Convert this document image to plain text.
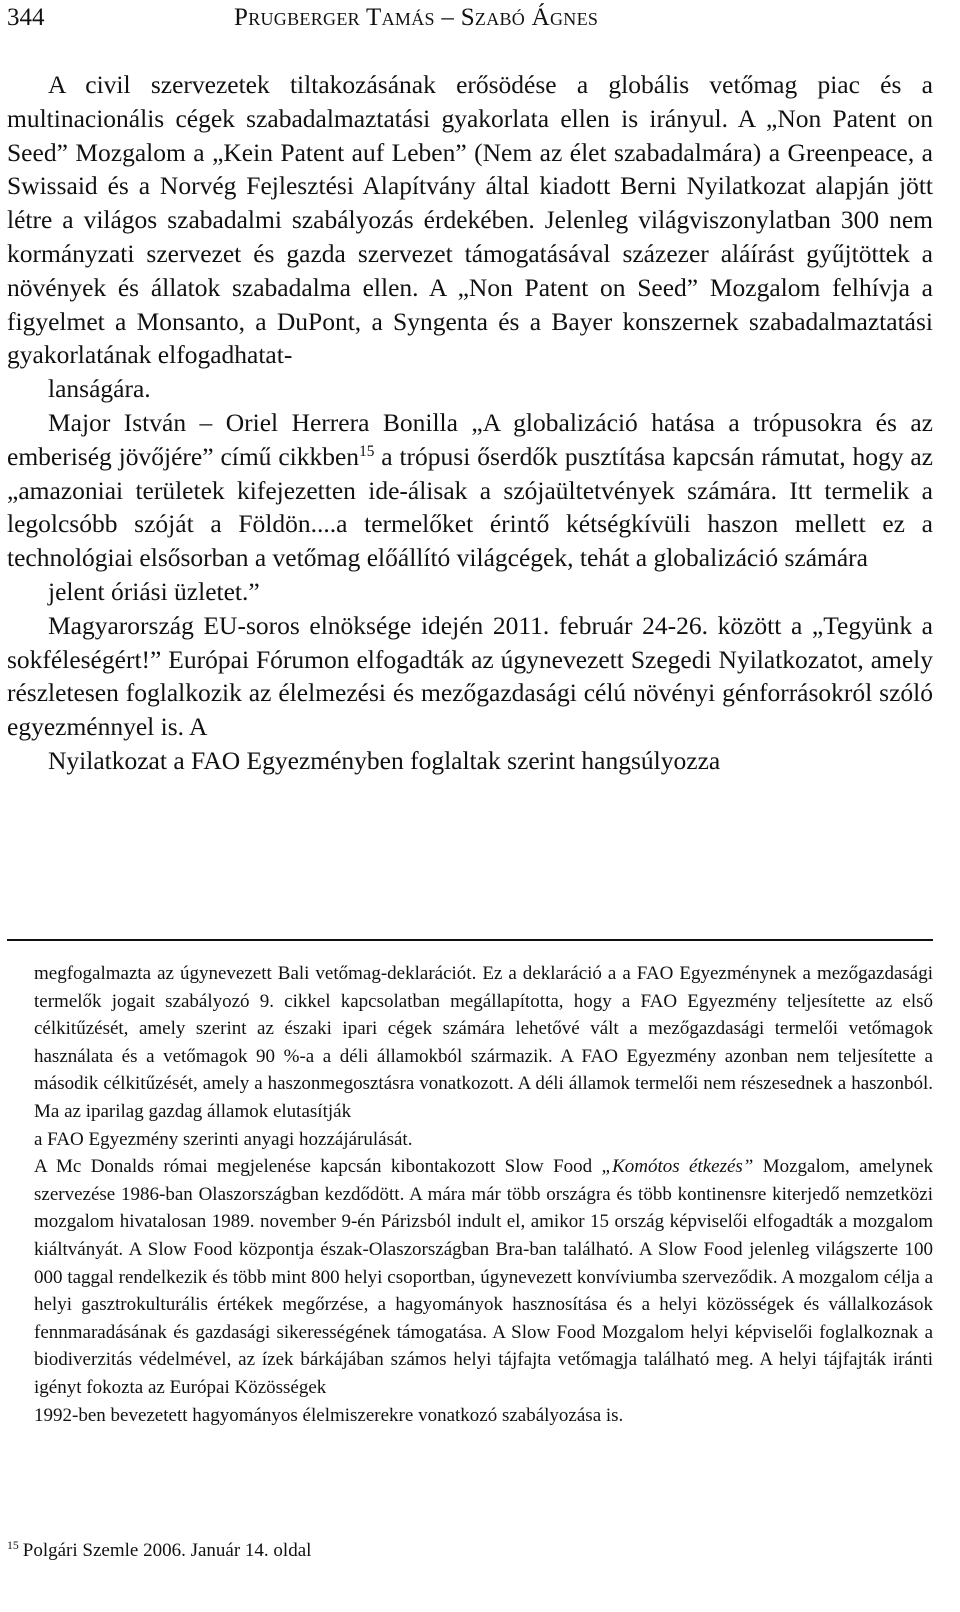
344	Prugberger Tamás – Szabó Ágnes

A civil szervezetek tiltakozásának erősödése a globális vetőmag piac és a multinacionális cégek szabadalmaztatási gyakorlata ellen is irányul. A „Non Patent on Seed” Mozgalom a „Kein Patent auf Leben” (Nem az élet szabadalmára) a Greenpeace, a Swissaid és a Norvég Fejlesztési Alapítvány által kiadott Berni Nyilatkozat alapján jött létre a világos szabadalmi szabályozás érdekében. Jelenleg világviszonylatban 300 nem kormányzati szervezet és gazda szervezet támogatásával százezer aláírást gyűjtöttek a növények és állatok szabadalma ellen. A „Non Patent on Seed” Mozgalom felhívja a figyelmet a Monsanto, a DuPont, a Syngenta és a Bayer konszernek szabadalmaztatási gyakorlatának elfogadhatat-
lanságára.

Major István – Oriel Herrera Bonilla „A globalizáció hatása a trópusokra és az emberiség jövőjére” című cikkben$^{15}$ a trópusi őserdők pusztítása kapcsán rámutat, hogy az „amazoniai területek kifejezetten ide-álisak a szójaültetvények számára. Itt termelik a legolcsóbb szóját a Földön....a termelőket érintő kétségkívüli haszon mellett ez a technológiai elsősorban a vetőmag előállító világcégek, tehát a globalizáció számára
jelent óriási üzletet.”

Magyarország EU-soros elnöksége idején 2011. február 24-26. között a „Tegyünk a sokféleségért!” Európai Fórumon elfogadták az úgynevezett Szegedi Nyilatkozatot, amely részletesen foglalkozik az élelmezési és mezőgazdasági célú növényi génforrásokról szóló egyezménnyel is. A
Nyilatkozat a FAO Egyezményben foglaltak szerint hangsúlyozza

megfogalmazta az úgynevezett Bali vetőmag-deklarációt. Ez a deklaráció a a FAO Egyezménynek a mezőgazdasági termelők jogait szabályozó 9. cikkel kapcsolatban megállapította, hogy a FAO Egyezmény teljesítette az első célkitűzését, amely szerint az északi ipari cégek számára lehetővé vált a mezőgazdasági termelői vetőmagok használata és a vetőmagok 90 %-a a déli államokból származik. A FAO Egyezmény azonban nem teljesítette a második célkitűzését, amely a haszonmegosztásra vonatkozott. A déli államok termelői nem részesednek a haszonból. Ma az iparilag gazdag államok elutasítják
a FAO Egyezmény szerinti anyagi hozzájárulását.

A Mc Donalds római megjelenése kapcsán kibontakozott Slow Food „Komótos étkezés” Mozgalom, amelynek szervezése 1986-ban Olaszországban kezdődött. A mára már több országra és több kontinensre kiterjedő nemzetközi mozgalom hivatalosan 1989. november 9-én Párizsból indult el, amikor 15 ország képviselői elfogadták a mozgalom kiáltványát. A Slow Food központja észak-Olaszországban Bra-ban található. A Slow Food jelenleg világszerte 100 000 taggal rendelkezik és több mint 800 helyi csoportban, úgynevezett konvíviumba szerveződik. A mozgalom célja a helyi gasztrokulturális értékek megőrzése, a hagyományok hasznosítása és a helyi közösségek és vállalkozások fennmaradásának és gazdasági sikerességének támogatása. A Slow Food Mozgalom helyi képviselői foglalkoznak a biodiverzitás védelmével, az ízek bárkájában számos helyi tájfajta vetőmagja található meg. A helyi tájfajták iránti igényt fokozta az Európai Közösségek
1992-ben bevezetett hagyományos élelmiszerekre vonatkozó szabályozása is.

$^{15}$ Polgári Szemle 2006. Január 14. oldal
